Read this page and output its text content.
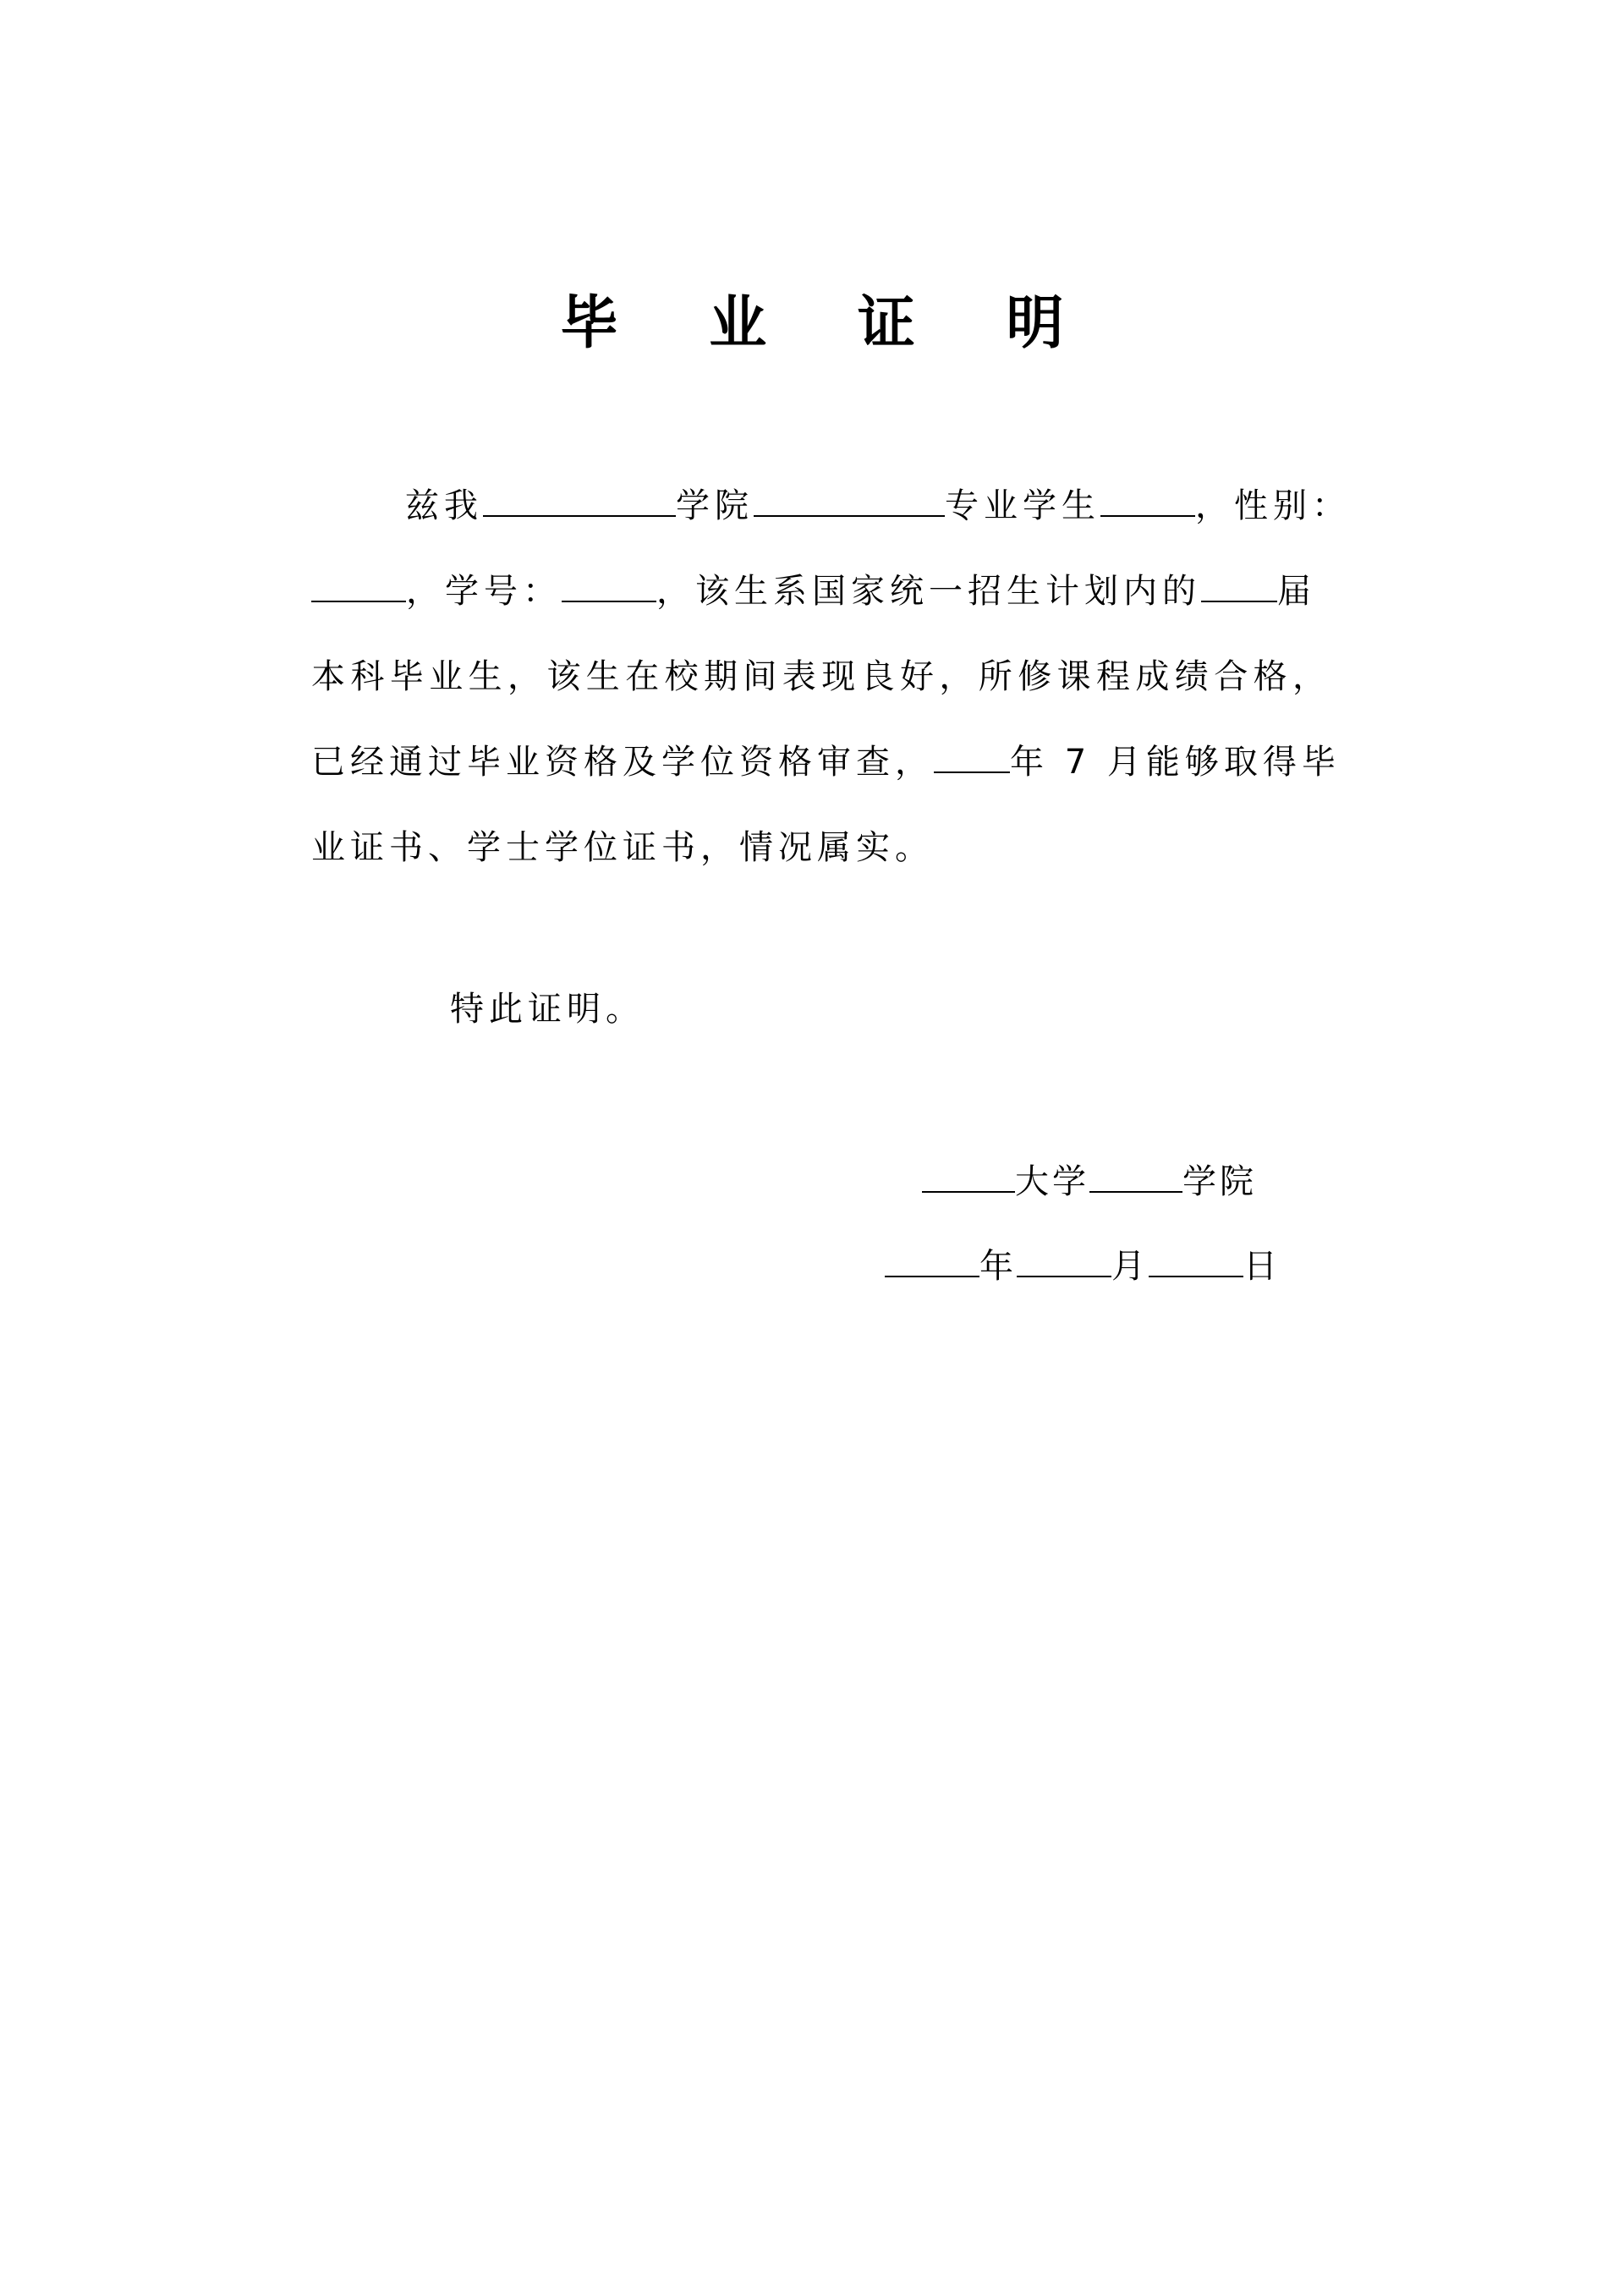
毕 业 证 明
兹我	学院	专业学生	，性别：
，学号：	，该生系国家统一招生计划内的 届
本科毕业生，该生在校期间表现良好，所修课程成绩合格，
已经通过毕业资格及学位资格审查， 年 7 月能够取得毕
业证书、学士学位证书，情况属实。
特此证明。
大学	学院
年	月	日
